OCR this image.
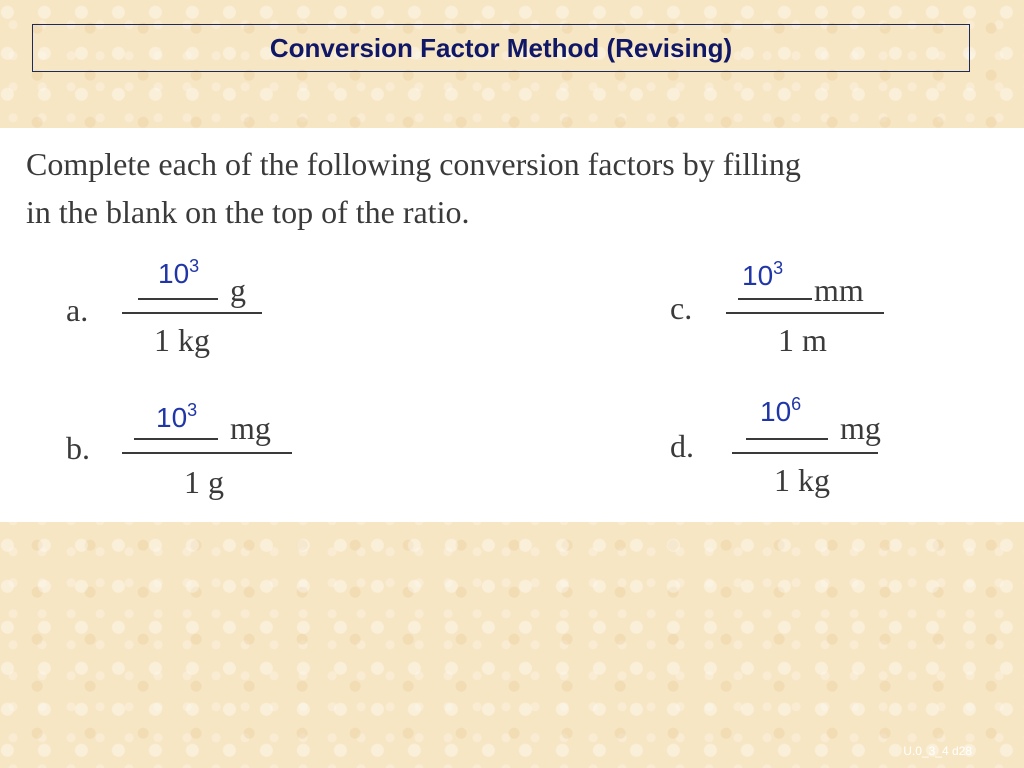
Conversion Factor Method (Revising)
Complete each of the following conversion factors by filling
in the blank on the top of the ratio.
a.
$10^3$
g
1 kg
b.
$10^3$ mg
1 g
c.
$10^3$
mm
1 m
d.
$10^6$
mg
1 kg
U.0_3_4 d28
